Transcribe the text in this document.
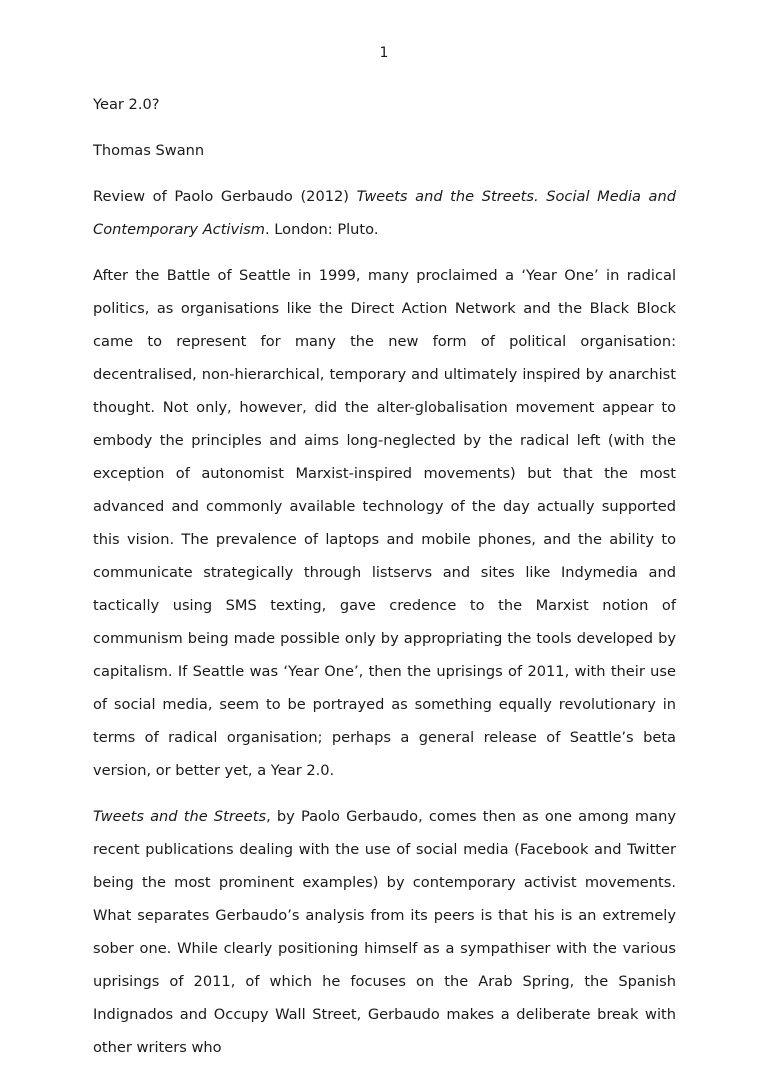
1

Year 2.0?

Thomas Swann

Review of Paolo Gerbaudo (2012) Tweets and the Streets. Social Media and Contemporary Activism. London: Pluto.

After the Battle of Seattle in 1999, many proclaimed a ‘Year One’ in radical politics, as organisations like the Direct Action Network and the Black Block came to represent for many the new form of political organisation: decentralised, non-hierarchical, temporary and ultimately inspired by anarchist thought. Not only, however, did the alter-globalisation movement appear to embody the principles and aims long-neglected by the radical left (with the exception of autonomist Marxist-inspired movements) but that the most advanced and commonly available technology of the day actually supported this vision. The prevalence of laptops and mobile phones, and the ability to communicate strategically through listservs and sites like Indymedia and tactically using SMS texting, gave credence to the Marxist notion of communism being made possible only by appropriating the tools developed by capitalism. If Seattle was ‘Year One’, then the uprisings of 2011, with their use of social media, seem to be portrayed as something equally revolutionary in terms of radical organisation; perhaps a general release of Seattle’s beta version, or better yet, a Year 2.0.

Tweets and the Streets, by Paolo Gerbaudo, comes then as one among many recent publications dealing with the use of social media (Facebook and Twitter being the most prominent examples) by contemporary activist movements. What separates Gerbaudo’s analysis from its peers is that his is an extremely sober one. While clearly positioning himself as a sympathiser with the various uprisings of 2011, of which he focuses on the Arab Spring, the Spanish Indignados and Occupy Wall Street, Gerbaudo makes a deliberate break with other writers who
